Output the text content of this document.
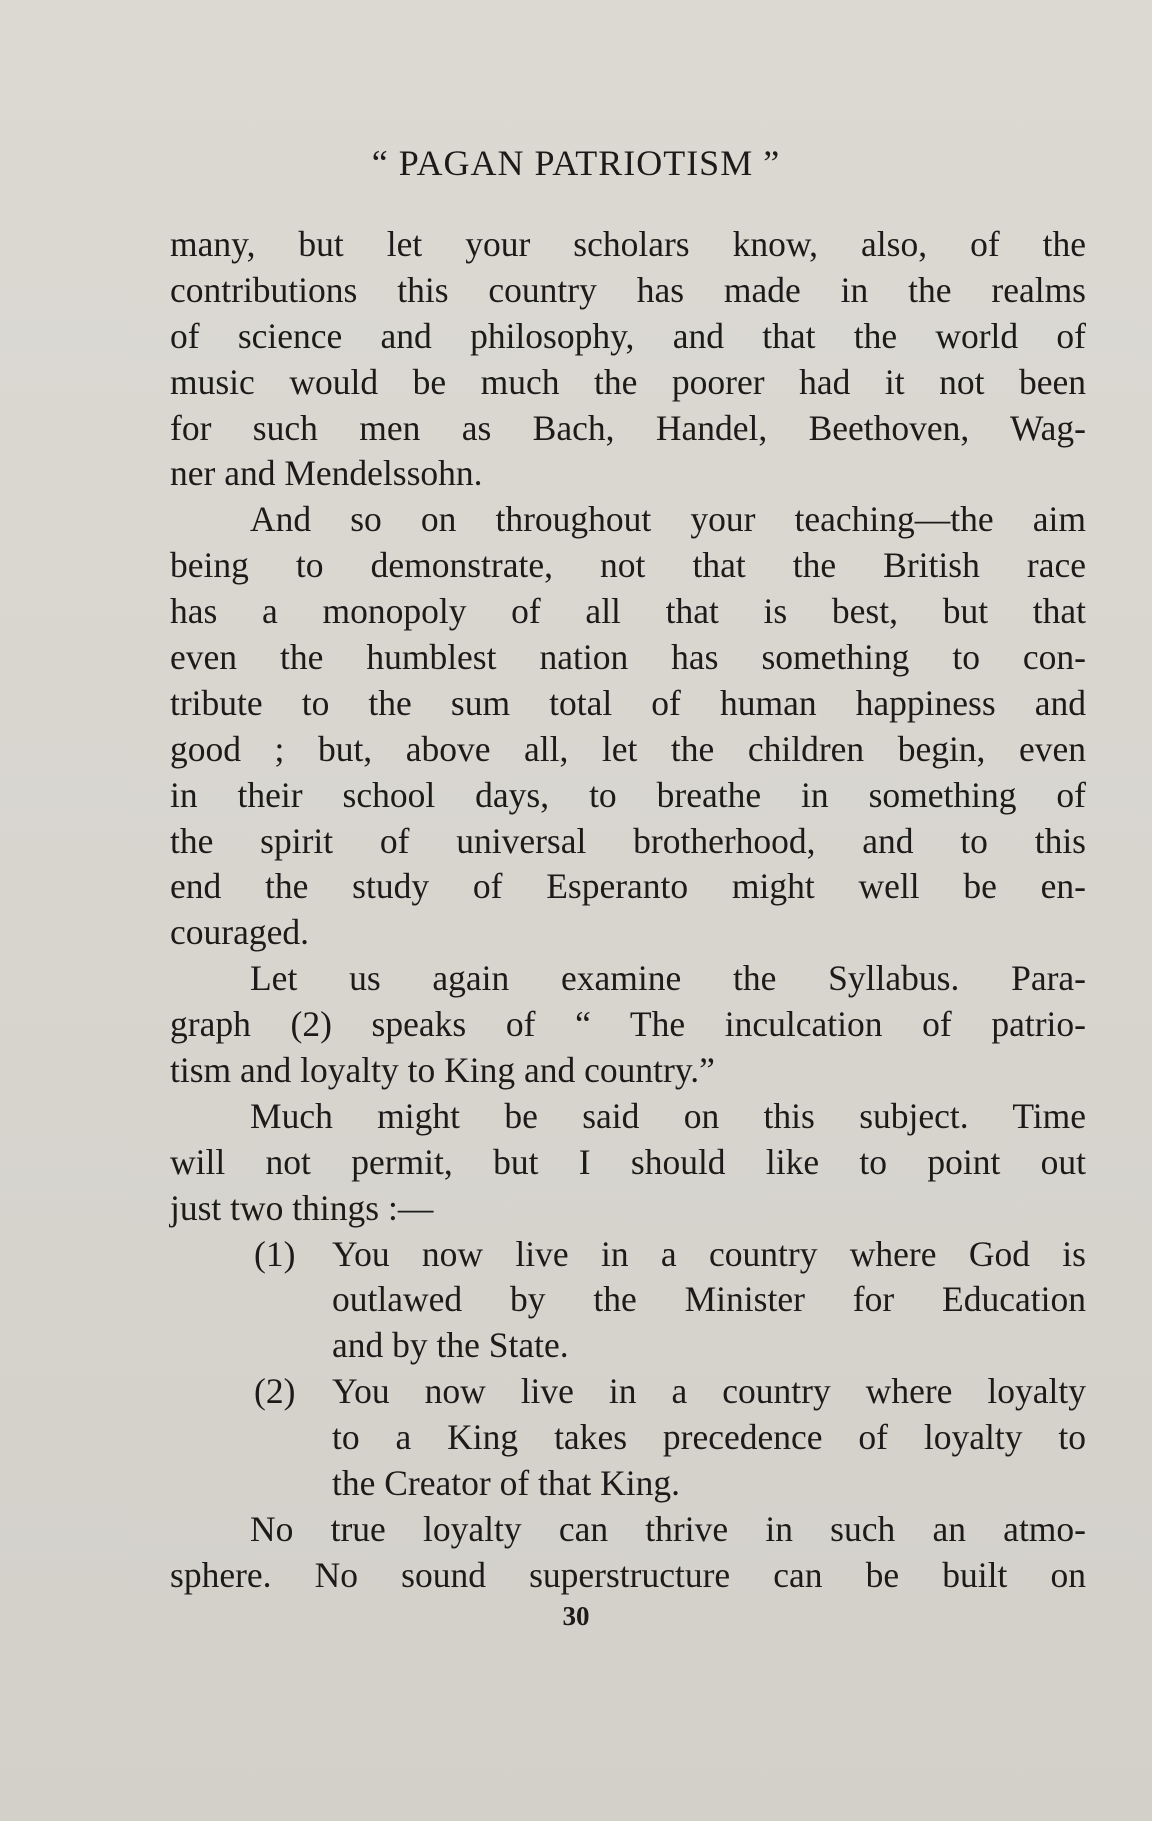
“ PAGAN PATRIOTISM ”
many, but let your scholars know, also, of the
contributions this country has made in the realms
of science and philosophy, and that the world of
music would be much the poorer had it not been
for such men as Bach, Handel, Beethoven, Wag-
ner and Mendelssohn.
And so on throughout your teaching—the aim
being to demonstrate, not that the British race
has a monopoly of all that is best, but that
even the humblest nation has something to con-
tribute to the sum total of human happiness and
good ; but, above all, let the children begin, even
in their school days, to breathe in something of
the spirit of universal brotherhood, and to this
end the study of Esperanto might well be en-
couraged.
Let us again examine the Syllabus. Para-
graph (2) speaks of “ The inculcation of patrio-
tism and loyalty to King and country.”
Much might be said on this subject. Time
will not permit, but I should like to point out
just two things :—
(1)	You now live in a country where God is
outlawed by the Minister for Education
and by the State.
(2)	You now live in a country where loyalty
to a King takes precedence of loyalty to
the Creator of that King.
No true loyalty can thrive in such an atmo-
sphere. No sound superstructure can be built on
30
